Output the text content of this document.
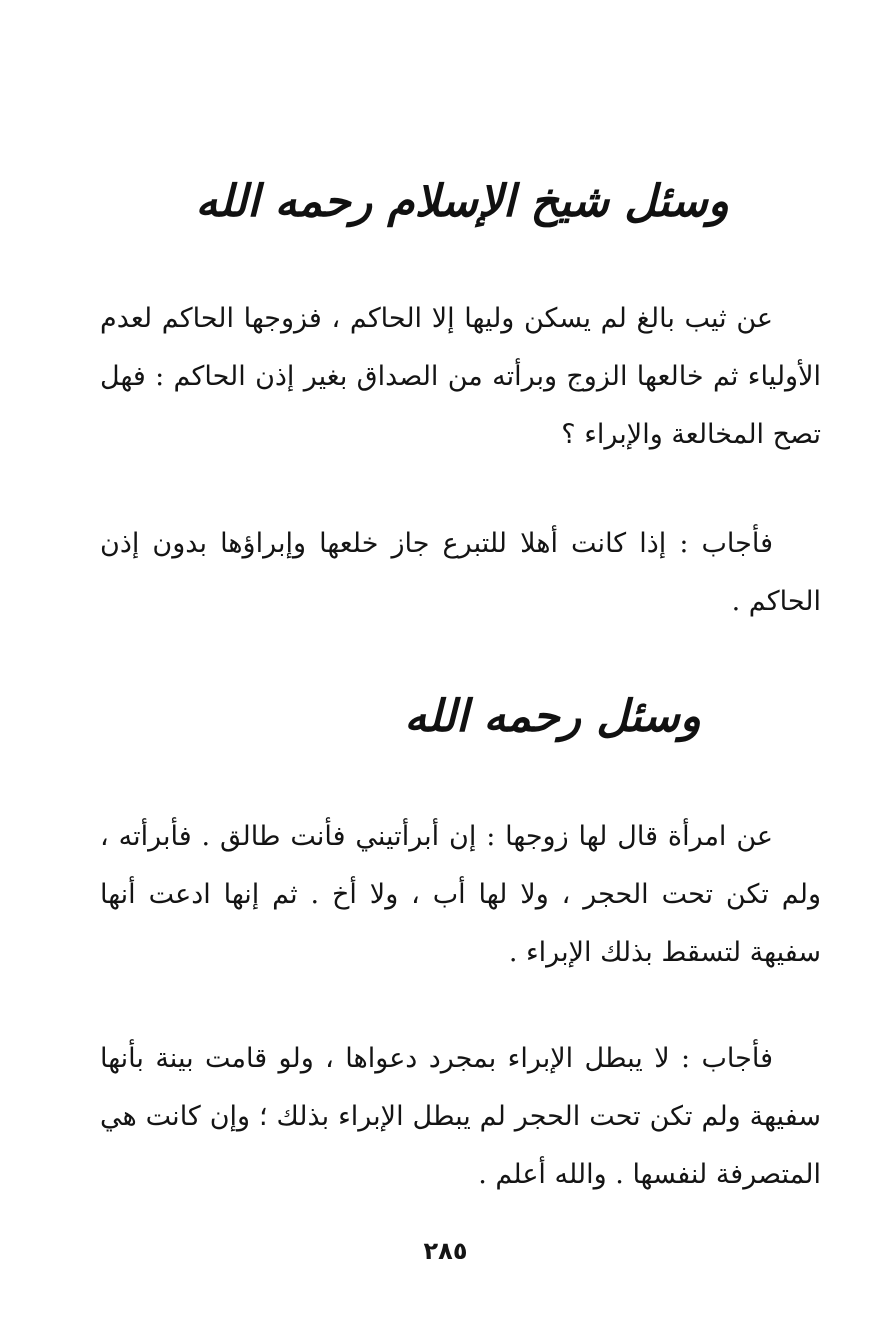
وسئل شيخ الإسلام رحمه الله
عن ثيب بالغ لم يسكن وليها إلا الحاكم ، فزوجها الحاكم لعدم الأولياء ثم خالعها الزوج وبرأته من الصداق بغير إذن الحاكم : فهل تصح المخالعة والإبراء ؟
فأجاب : إذا كانت أهلا للتبرع جاز خلعها وإبراؤها بدون إذن الحاكم .
وسئل رحمه الله
عن امرأة قال لها زوجها : إن أبرأتيني فأنت طالق . فأبرأته ، ولم تكن تحت الحجر ، ولا لها أب ، ولا أخ . ثم إنها ادعت أنها سفيهة لتسقط بذلك الإبراء .
فأجاب : لا يبطل الإبراء بمجرد دعواها ، ولو قامت بينة بأنها سفيهة ولم تكن تحت الحجر لم يبطل الإبراء بذلك ؛ وإن كانت هي المتصرفة لنفسها . والله أعلم .
٢٨٥
